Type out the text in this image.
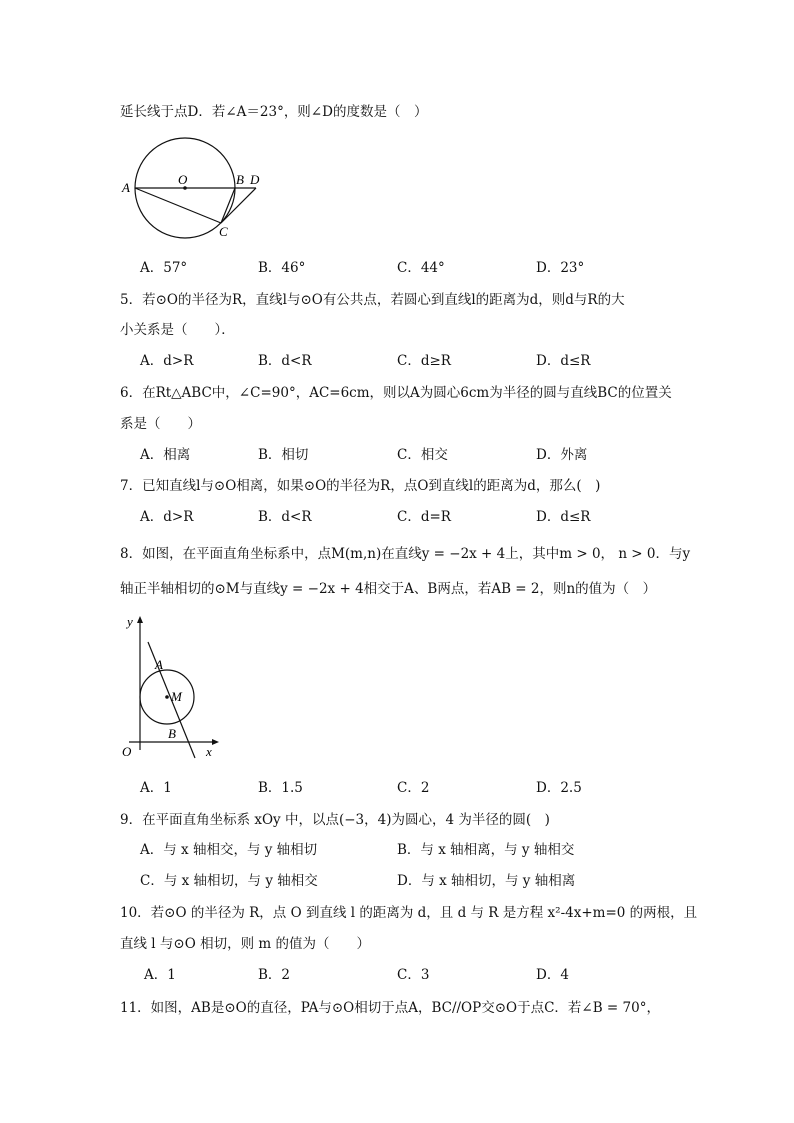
延长线于点D．若∠A＝23°，则∠D的度数是（　）
A
O	B D
C
A．57°	B．46°	C．44°	D．23°
5．若⊙O的半径为R，直线l与⊙O有公共点，若圆心到直线l的距离为d，则d与R的大
小关系是（　　）．
A．d>R	B．d<R	C．d≥R	D．d≤R
6．在Rt△ABC中，∠C=90°，AC=6cm，则以A为圆心6cm为半径的圆与直线BC的位置关
系是（　　）
A．相离	B．相切	C．相交	D．外离
7．已知直线l与⊙O相离，如果⊙O的半径为R，点O到直线l的距离为d，那么(　)
A．d>R	B．d<R	C．d=R	D．d≤R
8．如图，在平面直角坐标系中，点M(m,n)在直线y = −2x + 4上，其中m > 0， n > 0．与y
轴正半轴相切的⊙M与直线y = −2x + 4相交于A、B两点，若AB = 2，则n的值为（　）
y
A
M
B
O	x
A．1	B．1.5	C．2	D．2.5
9．在平面直角坐标系 xOy 中，以点(−3，4)为圆心，4 为半径的圆(　)
A．与 x 轴相交，与 y 轴相切	B．与 x 轴相离，与 y 轴相交
C．与 x 轴相切，与 y 轴相交	D．与 x 轴相切，与 y 轴相离
10．若⊙O 的半径为 R，点 O 到直线 l 的距离为 d，且 d 与 R 是方程 x²-4x+m=0 的两根，且
直线 l 与⊙O 相切，则 m 的值为（　　）
A．1	B．2	C．3	D．4
11．如图，AB是⊙O的直径，PA与⊙O相切于点A，BC//OP交⊙O于点C．若∠B = 70°，
